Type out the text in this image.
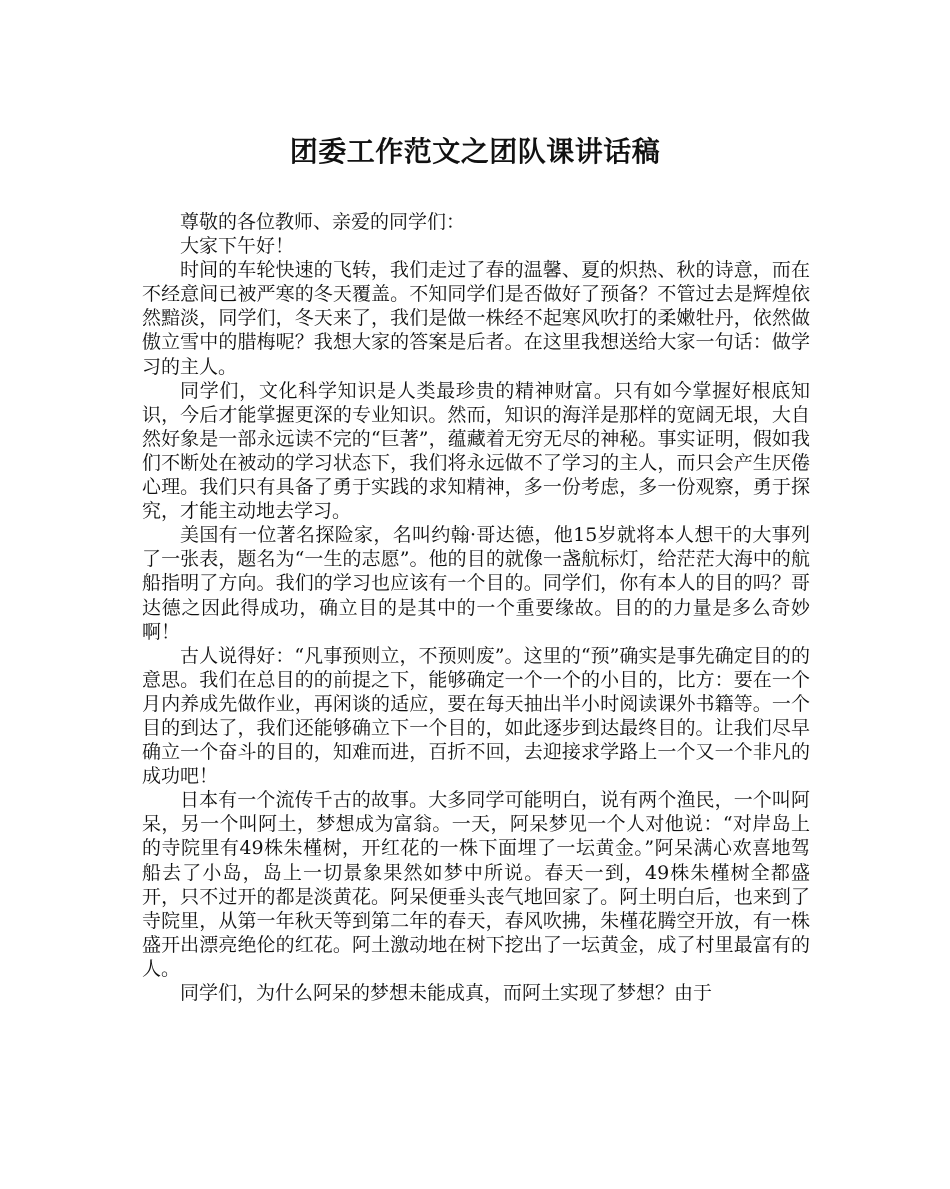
团委工作范文之团队课讲话稿

尊敬的各位教师、亲爱的同学们：

大家下午好！

时间的车轮快速的飞转，我们走过了春的温馨、夏的炽热、秋的诗意，而在不经意间已被严寒的冬天覆盖。不知同学们是否做好了预备？不管过去是辉煌依然黯淡，同学们，冬天来了，我们是做一株经不起寒风吹打的柔嫩牡丹，依然做傲立雪中的腊梅呢？我想大家的答案是后者。在这里我想送给大家一句话：做学习的主人。

同学们，文化科学知识是人类最珍贵的精神财富。只有如今掌握好根底知识，今后才能掌握更深的专业知识。然而，知识的海洋是那样的宽阔无垠，大自然好象是一部永远读不完的“巨著”，蕴藏着无穷无尽的神秘。事实证明，假如我们不断处在被动的学习状态下，我们将永远做不了学习的主人，而只会产生厌倦心理。我们只有具备了勇于实践的求知精神，多一份考虑，多一份观察，勇于探究，才能主动地去学习。

美国有一位著名探险家，名叫约翰·哥达德，他15岁就将本人想干的大事列了一张表，题名为“一生的志愿”。他的目的就像一盏航标灯，给茫茫大海中的航船指明了方向。我们的学习也应该有一个目的。同学们，你有本人的目的吗？哥达德之因此得成功，确立目的是其中的一个重要缘故。目的的力量是多么奇妙啊！

古人说得好：“凡事预则立，不预则废”。这里的“预”确实是事先确定目的的意思。我们在总目的的前提之下，能够确定一个一个的小目的，比方：要在一个月内养成先做作业，再闲谈的适应，要在每天抽出半小时阅读课外书籍等。一个目的到达了，我们还能够确立下一个目的，如此逐步到达最终目的。让我们尽早确立一个奋斗的目的，知难而进，百折不回，去迎接求学路上一个又一个非凡的成功吧！

日本有一个流传千古的故事。大多同学可能明白，说有两个渔民，一个叫阿呆，另一个叫阿土，梦想成为富翁。一天，阿呆梦见一个人对他说：“对岸岛上的寺院里有49株朱槿树，开红花的一株下面埋了一坛黄金。”阿呆满心欢喜地驾船去了小岛，岛上一切景象果然如梦中所说。春天一到，49株朱槿树全都盛开，只不过开的都是淡黄花。阿呆便垂头丧气地回家了。阿土明白后，也来到了寺院里，从第一年秋天等到第二年的春天，春风吹拂，朱槿花腾空开放，有一株盛开出漂亮绝伦的红花。阿土激动地在树下挖出了一坛黄金，成了村里最富有的人。

同学们，为什么阿呆的梦想未能成真，而阿土实现了梦想？由于
